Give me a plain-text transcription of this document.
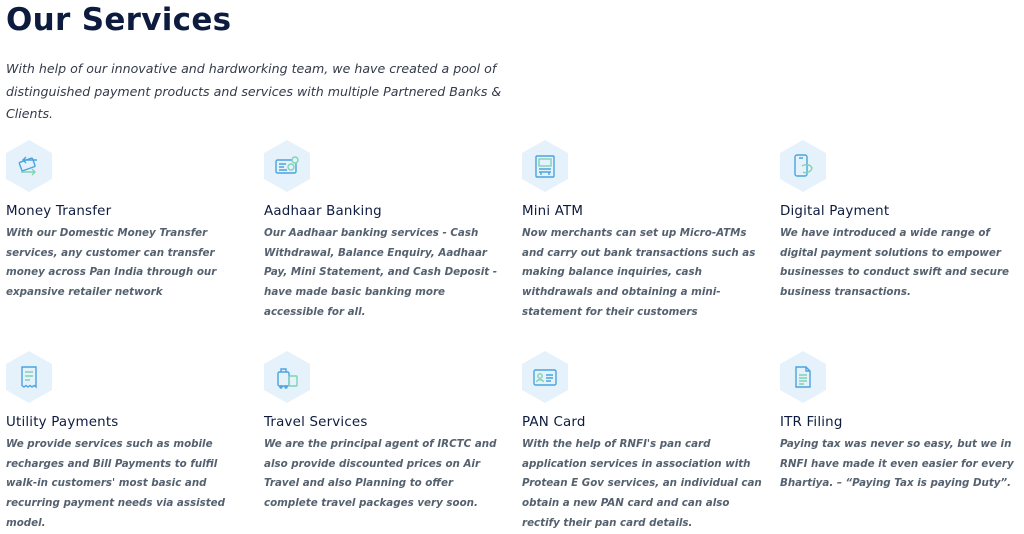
Our Services

With help of our innovative and hardworking team, we have created a pool of distinguished payment products and services with multiple Partnered Banks & Clients.

Money Transfer
With our Domestic Money Transfer services, any customer can transfer money across Pan India through our expansive retailer network
Aadhaar Banking
Our Aadhaar banking services - Cash Withdrawal, Balance Enquiry, Aadhaar Pay, Mini Statement, and Cash Deposit - have made basic banking more accessible for all.
Mini ATM
Now merchants can set up Micro-ATMs and carry out bank transactions such as making balance inquiries, cash withdrawals and obtaining a mini-statement for their customers
Digital Payment
We have introduced a wide range of digital payment solutions to empower businesses to conduct swift and secure business transactions.
Utility Payments
We provide services such as mobile recharges and Bill Payments to fulfil walk-in customers' most basic and recurring payment needs via assisted model.
Travel Services
We are the principal agent of IRCTC and also provide discounted prices on Air Travel and also Planning to offer complete travel packages very soon.
PAN Card
With the help of RNFI's pan card application services in association with Protean E Gov services, an individual can obtain a new PAN card and can also rectify their pan card details.
ITR Filing
Paying tax was never so easy, but we in RNFI have made it even easier for every Bhartiya. – “Paying Tax is paying Duty”.
